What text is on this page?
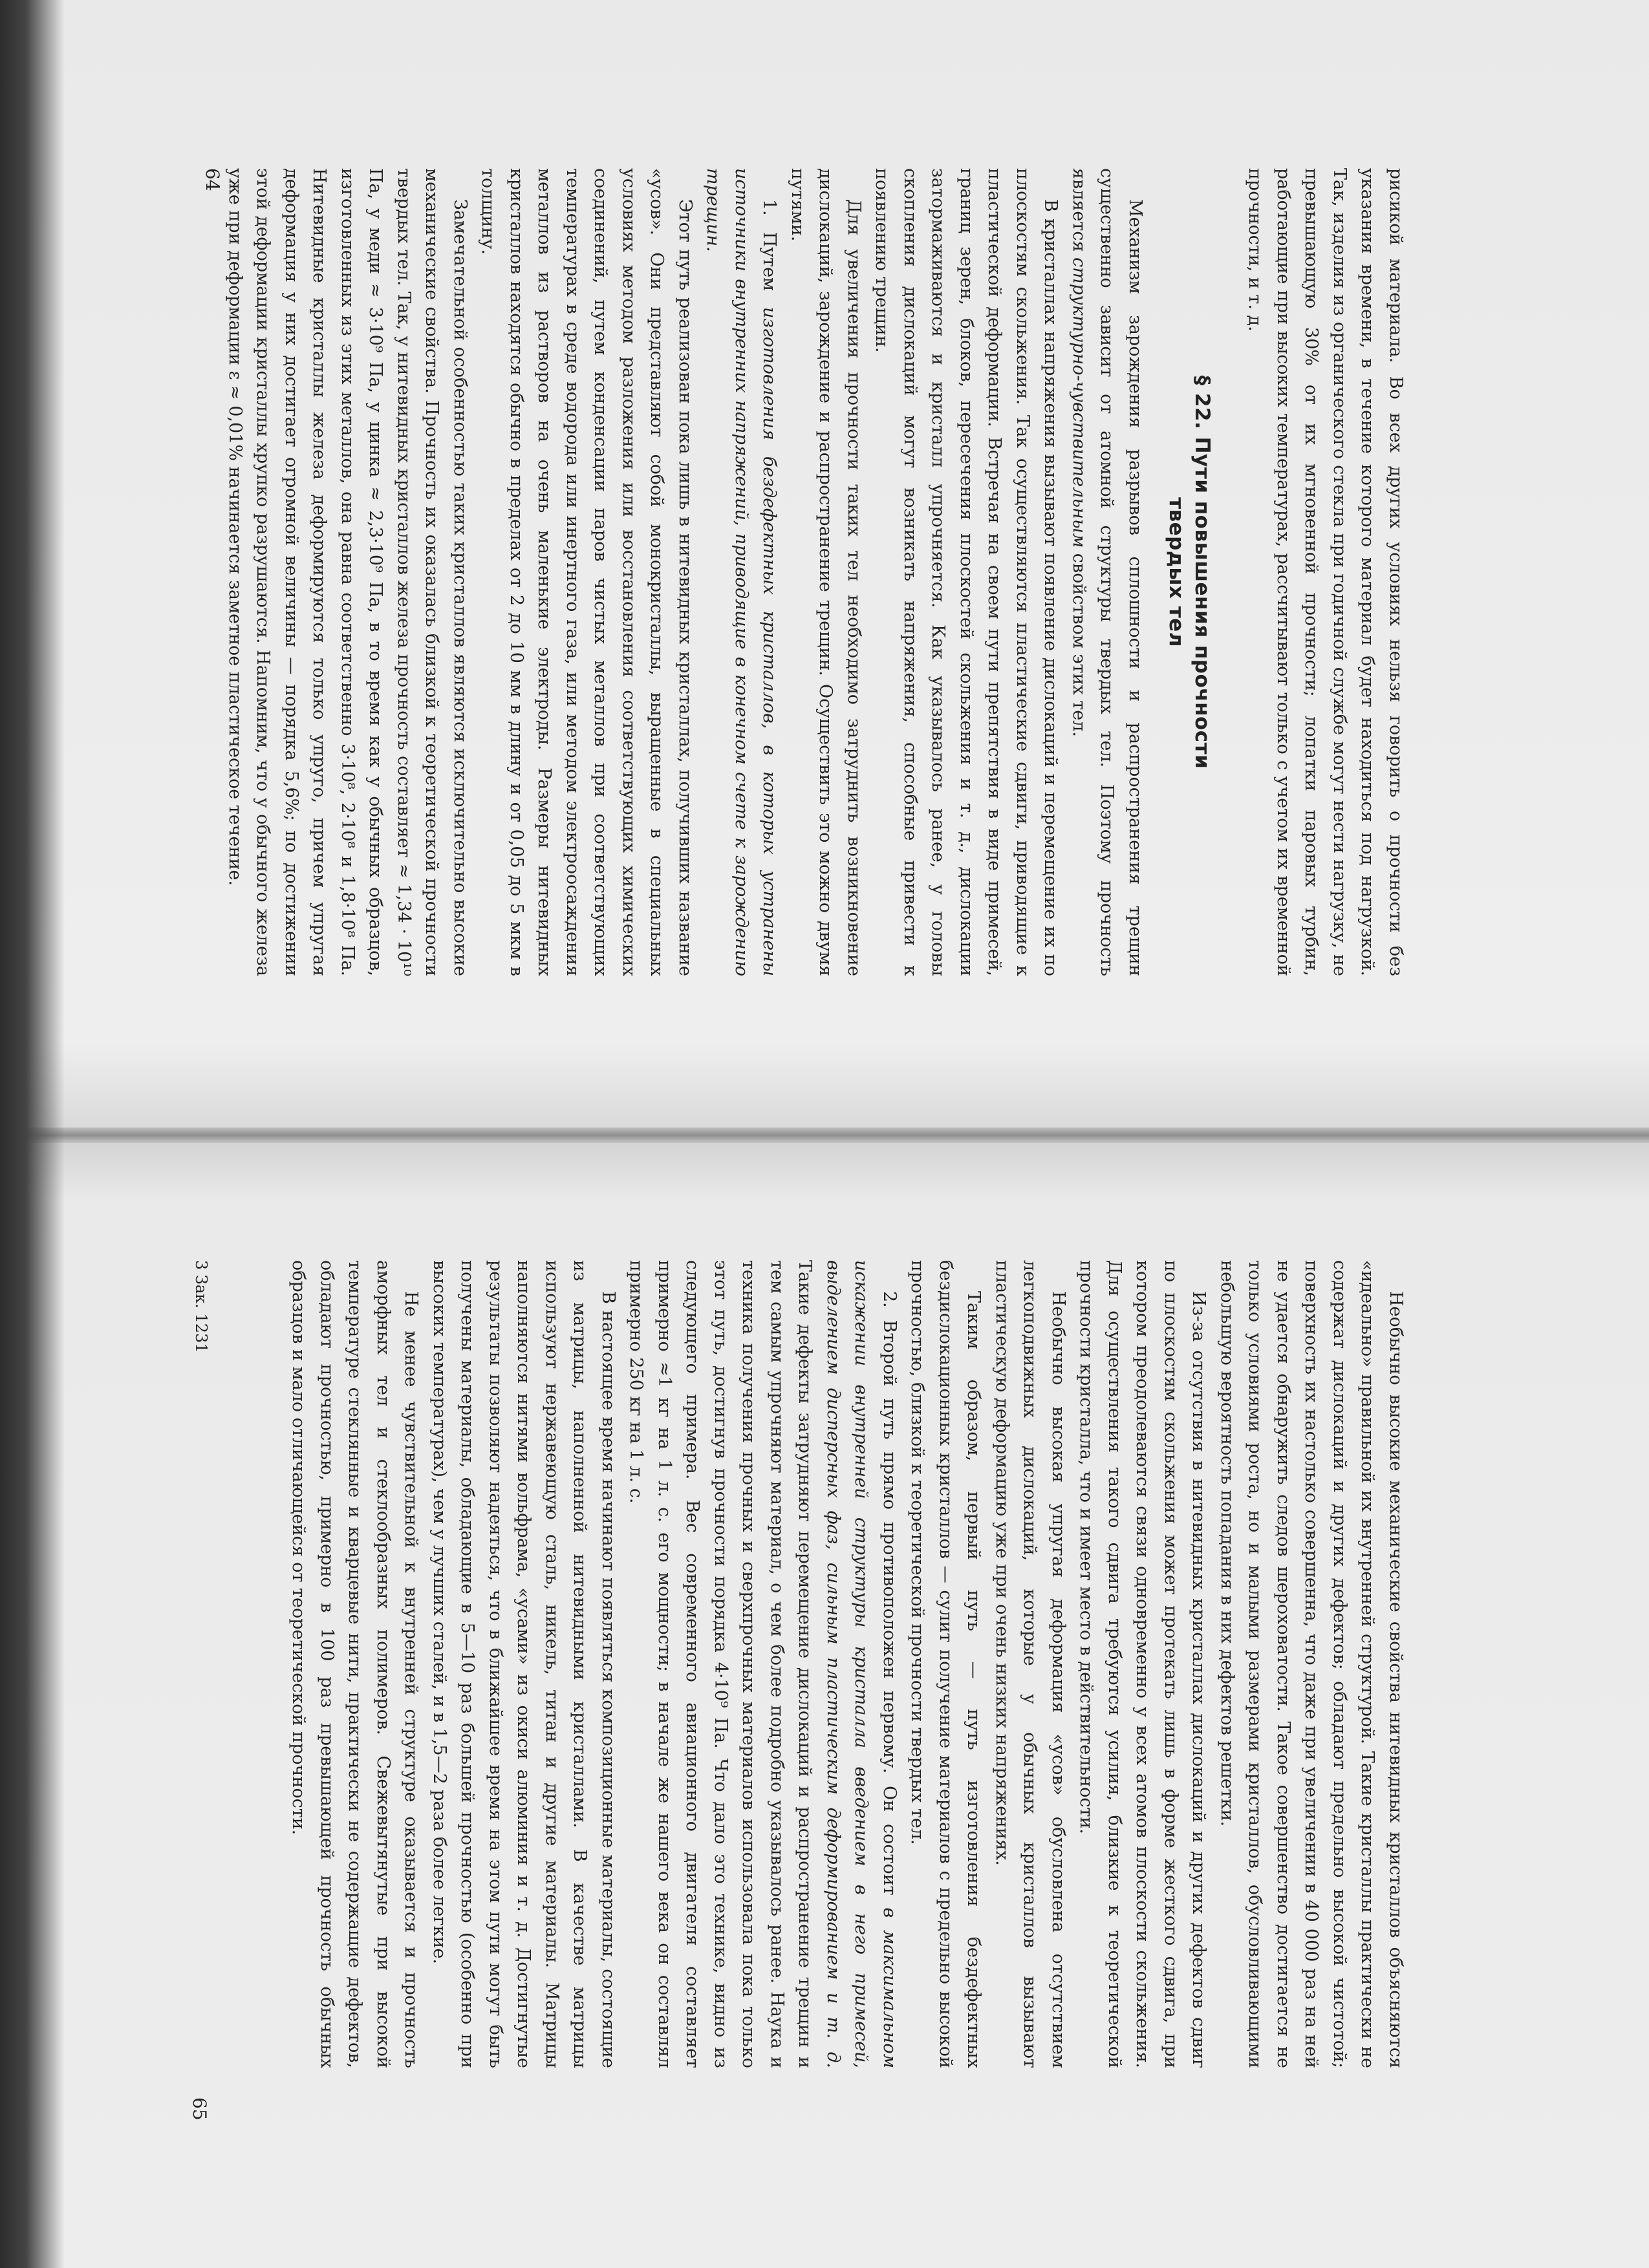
рисикой материала. Во всех других условиях нельзя говорить о прочности без указания времени, в течение которого материал будет находиться под нагрузкой. Так, изделия из органического стекла при годичной службе могут нести нагрузку, не превышающую 30% от их мгновенной прочности; лопатки паровых турбин, работающие при высоких температурах, рассчитывают только с учетом их временной прочности, и т. д.

§ 22. Пути повышения прочности
твердых тел

Механизм зарождения разрывов сплошности и распространения трещин существенно зависит от атомной структуры твердых тел. Поэтому прочность является структурно-чувствительным свойством этих тел.

В кристаллах напряжения вызывают появление дислокаций и перемещение их по плоскостям скольжения. Так осуществляются пластические сдвиги, приводящие к пластической деформации. Встречая на своем пути препятствия в виде примесей, границ зерен, блоков, пересечения плоскостей скольжения и т. д., дислокации затормаживаются и кристалл упрочняется. Как указывалось ранее, у головы скопления дислокаций могут возникать напряжения, способные привести к появлению трещин.

Для увеличения прочности таких тел необходимо затруднить возникновение дислокаций, зарождение и распространение трещин. Осуществить это можно двумя путями.

1. Путем изготовления бездефектных кристаллов, в которых устранены источники внутренних напряжений, приводящие в конечном счете к зарождению трещин.

Этот путь реализован пока лишь в нитевидных кристаллах, получивших название «усов». Они представляют собой монокристаллы, выращенные в специальных условиях методом разложения или восстановления соответствующих химических соединений, путем конденсации паров чистых металлов при соответствующих температурах в среде водорода или инертного газа, или методом электроосаждения металлов из растворов на очень маленькие электроды. Размеры нитевидных кристаллов находятся обычно в пределах от 2 до 10 мм в длину и от 0,05 до 5 мкм в толщину.

Замечательной особенностью таких кристаллов являются исключительно высокие механические свойства. Прочность их оказалась близкой к теоретической прочности твердых тел. Так, у нитевидных кристаллов железа прочность составляет ≈ 1,34 · 10¹⁰ Па, у меди ≈ 3·10⁹ Па, у цинка ≈ 2,3·10⁹ Па, в то время как у обычных образцов, изготовленных из этих металлов, она равна соответственно 3·10⁸, 2·10⁸ и 1,8·10⁸ Па. Нитевидные кристаллы железа деформируются только упруго, причем упругая деформация у них достигает огромной величины — порядка 5,6%; по достижении этой деформации кристаллы хрупко разрушаются. Напомним, что у обычного железа уже при деформации ε ≈ 0,01% начинается заметное пластическое течение.

64

Необычно высокие механические свойства нитевидных кристаллов объясняются «идеально» правильной их внутренней структурой. Такие кристаллы практически не содержат дислокаций и других дефектов; обладают предельно высокой чистотой; поверхность их настолько совершенна, что даже при увеличении в 40 000 раз на ней не удается обнаружить следов шероховатости. Такое совершенство достигается не только условиями роста, но и малыми размерами кристаллов, обусловливающими небольшую вероятность попадания в них дефектов решетки.

Из-за отсутствия в нитевидных кристаллах дислокаций и других дефектов сдвиг по плоскостям скольжения может протекать лишь в форме жесткого сдвига, при котором преодолеваются связи одновременно у всех атомов плоскости скольжения. Для осуществления такого сдвига требуются усилия, близкие к теоретической прочности кристалла, что и имеет место в действительности.

Необычно высокая упругая деформация «усов» обусловлена отсутствием легкоподвижных дислокаций, которые у обычных кристаллов вызывают пластическую деформацию уже при очень низких напряжениях.

Таким образом, первый путь — путь изготовления бездефектных бездислокационных кристаллов — сулит получение материалов с предельно высокой прочностью, близкой к теоретической прочности твердых тел.

2. Второй путь прямо противоположен первому. Он состоит в максимальном искажении внутренней структуры кристалла введением в него примесей, выделением дисперсных фаз, сильным пластическим деформированием и т. д. Такие дефекты затрудняют перемещение дислокаций и распространение трещин и тем самым упрочняют материал, о чем более подробно указывалось ранее. Наука и техника получения прочных и сверхпрочных материалов использовала пока только этот путь, достигнув прочности порядка 4·10⁹ Па. Что дало это технике, видно из следующего примера. Вес современного авиационного двигателя составляет примерно ≈1 кг на 1 л. с. его мощности; в начале же нашего века он составлял примерно 250 кг на 1 л. с.

В настоящее время начинают появляться композиционные материалы, состоящие из матрицы, наполненной нитевидными кристаллами. В качестве матрицы используют нержавеющую сталь, никель, титан и другие материалы. Матрицы наполняются нитями вольфрама, «усами» из окиси алюминия и т. д. Достигнутые результаты позволяют надеяться, что в ближайшее время на этом пути могут быть получены материалы, обладающие в 5—10 раз большей прочностью (особенно при высоких температурах), чем у лучших сталей, и в 1,5—2 раза более легкие.

Не менее чувствительной к внутренней структуре оказывается и прочность аморфных тел и стеклообразных полимеров. Свежевытянутые при высокой температуре стеклянные и кварцевые нити, практически не содержащие дефектов, обладают прочностью, примерно в 100 раз превышающей прочность обычных образцов и мало отличающейся от теоретической прочности.

3 Зак. 1231
65
